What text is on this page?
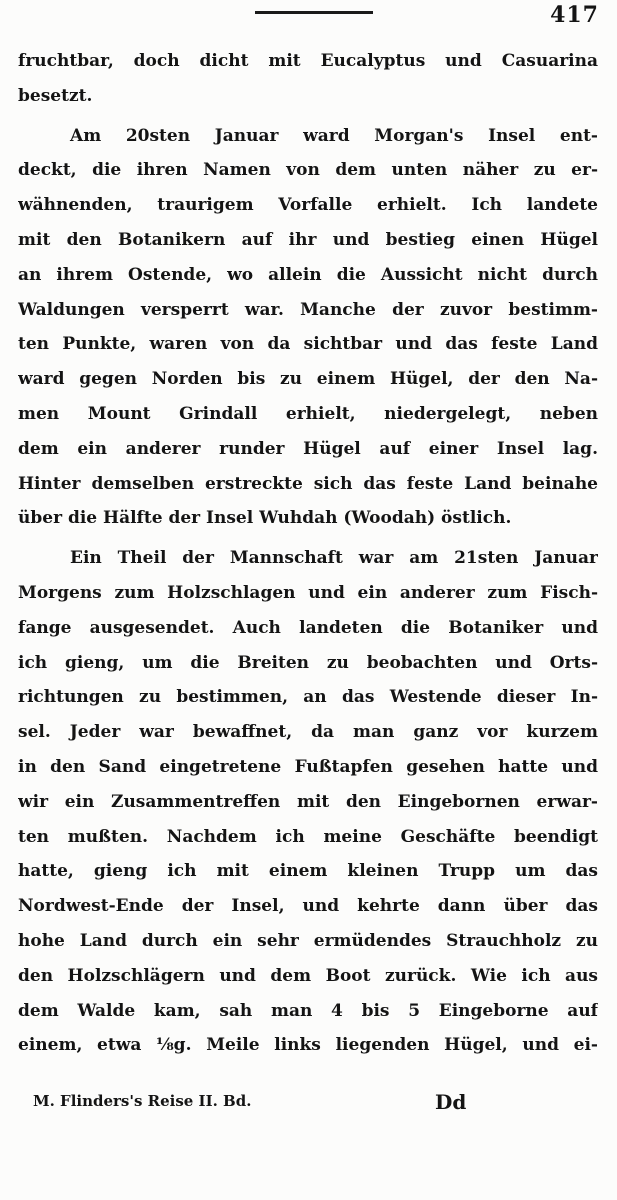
417
fruchtbar, doch dicht mit Eucalyptus und Casuarina
besetzt.
Am 20sten Januar ward Morgan's Insel ent-
deckt, die ihren Namen von dem unten näher zu er-
wähnenden, traurigem Vorfalle erhielt. Ich landete
mit den Botanikern auf ihr und bestieg einen Hügel
an ihrem Ostende, wo allein die Aussicht nicht durch
Waldungen versperrt war. Manche der zuvor bestimm-
ten Punkte, waren von da sichtbar und das feste Land
ward gegen Norden bis zu einem Hügel, der den Na-
men Mount Grindall erhielt, niedergelegt, neben
dem ein anderer runder Hügel auf einer Insel lag.
Hinter demselben erstreckte sich das feste Land beinahe
über die Hälfte der Insel Wuhdah (Woodah) östlich.
Ein Theil der Mannschaft war am 21sten Januar
Morgens zum Holzschlagen und ein anderer zum Fisch-
fange ausgesendet. Auch landeten die Botaniker und
ich gieng, um die Breiten zu beobachten und Orts-
richtungen zu bestimmen, an das Westende dieser In-
sel. Jeder war bewaffnet, da man ganz vor kurzem
in den Sand eingetretene Fußtapfen gesehen hatte und
wir ein Zusammentreffen mit den Eingebornen erwar-
ten mußten. Nachdem ich meine Geschäfte beendigt
hatte, gieng ich mit einem kleinen Trupp um das
Nordwest-Ende der Insel, und kehrte dann über das
hohe Land durch ein sehr ermüdendes Strauchholz zu
den Holzschlägern und dem Boot zurück. Wie ich aus
dem Walde kam, sah man 4 bis 5 Eingeborne auf
einem, etwa ⅛g. Meile links liegenden Hügel, und ei-
M. Flinders's Reise II. Bd.	Dd
